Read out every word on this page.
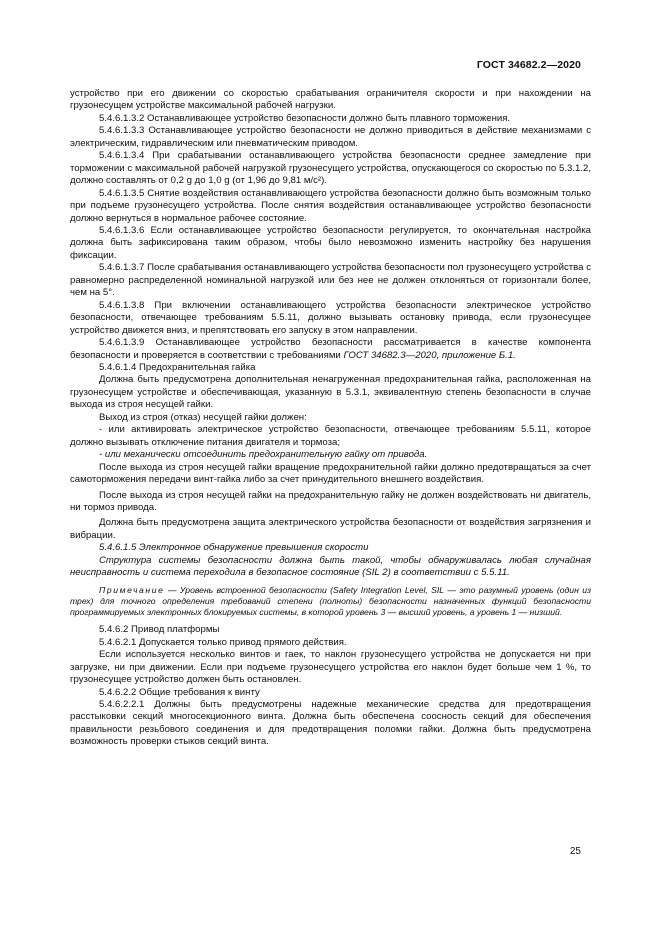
ГОСТ 34682.2—2020

устройство при его движении со скоростью срабатывания ограничителя скорости и при нахождении на грузонесущем устройстве максимальной рабочей нагрузки.

5.4.6.1.3.2 Останавливающее устройство безопасности должно быть плавного торможения.

5.4.6.1.3.3 Останавливающее устройство безопасности не должно приводиться в действие механизмами с электрическим, гидравлическим или пневматическим приводом.

5.4.6.1.3.4 При срабатывании останавливающего устройства безопасности среднее замедление при торможении с максимальной рабочей нагрузкой грузонесущего устройства, опускающегося со скоростью по 5.3.1.2, должно составлять от 0,2 g до 1,0 g (от 1,96 до 9,81 м/с²).

5.4.6.1.3.5 Снятие воздействия останавливающего устройства безопасности должно быть возможным только при подъеме грузонесущего устройства. После снятия воздействия останавливающее устройство безопасности должно вернуться в нормальное рабочее состояние.

5.4.6.1.3.6 Если останавливающее устройство безопасности регулируется, то окончательная настройка должна быть зафиксирована таким образом, чтобы было невозможно изменить настройку без нарушения фиксации.

5.4.6.1.3.7 После срабатывания останавливающего устройства безопасности пол грузонесущего устройства с равномерно распределенной номинальной нагрузкой или без нее не должен отклоняться от горизонтали более, чем на 5°.

5.4.6.1.3.8 При включении останавливающего устройства безопасности электрическое устройство безопасности, отвечающее требованиям 5.5.11, должно вызывать остановку привода, если грузонесущее устройство движется вниз, и препятствовать его запуску в этом направлении.

5.4.6.1.3.9 Останавливающее устройство безопасности рассматривается в качестве компонента безопасности и проверяется в соответствии с требованиями ГОСТ 34682.3—2020, приложение Б.1.

5.4.6.1.4 Предохранительная гайка

Должна быть предусмотрена дополнительная ненагруженная предохранительная гайка, расположенная на грузонесущем устройстве и обеспечивающая, указанную в 5.3.1, эквивалентную степень безопасности в случае выхода из строя несущей гайки.

Выход из строя (отказ) несущей гайки должен:

- или активировать электрическое устройство безопасности, отвечающее требованиям 5.5.11, которое должно вызывать отключение питания двигателя и тормоза;

- или механически отсоединить предохранительную гайку от привода.

После выхода из строя несущей гайки вращение предохранительной гайки должно предотвращаться за счет самоторможения передачи винт-гайка либо за счет принудительного внешнего воздействия.

После выхода из строя несущей гайки на предохранительную гайку не должен воздействовать ни двигатель, ни тормоз привода.

Должна быть предусмотрена защита электрического устройства безопасности от воздействия загрязнения и вибрации.

5.4.6.1.5 Электронное обнаружение превышения скорости

Структура системы безопасности должна быть такой, чтобы обнаруживалась любая случайная неисправность и система переходила в безопасное состояние (SIL 2) в соответствии с 5.5.11.

Примечание — Уровень встроенной безопасности (Safety Integration Level, SIL — это разумный уровень (один из трех) для точного определения требований степени (полноты) безопасности назначенных функций безопасности программируемых электронных блокируемых системы, в которой уровень 3 — высший уровень, а уровень 1 — низший.

5.4.6.2 Привод платформы

5.4.6.2.1 Допускается только привод прямого действия.

Если используется несколько винтов и гаек, то наклон грузонесущего устройства не допускается ни при загрузке, ни при движении. Если при подъеме грузонесущего устройства его наклон будет больше чем 1 %, то грузонесущее устройство должен быть остановлен.

5.4.6.2.2 Общие требования к винту

5.4.6.2.2.1 Должны быть предусмотрены надежные механические средства для предотвращения расстыковки секций многосекционного винта. Должна быть обеспечена соосность секций для обеспечения правильности резьбового соединения и для предотвращения поломки гайки. Должна быть предусмотрена возможность проверки стыков секций винта.

25
